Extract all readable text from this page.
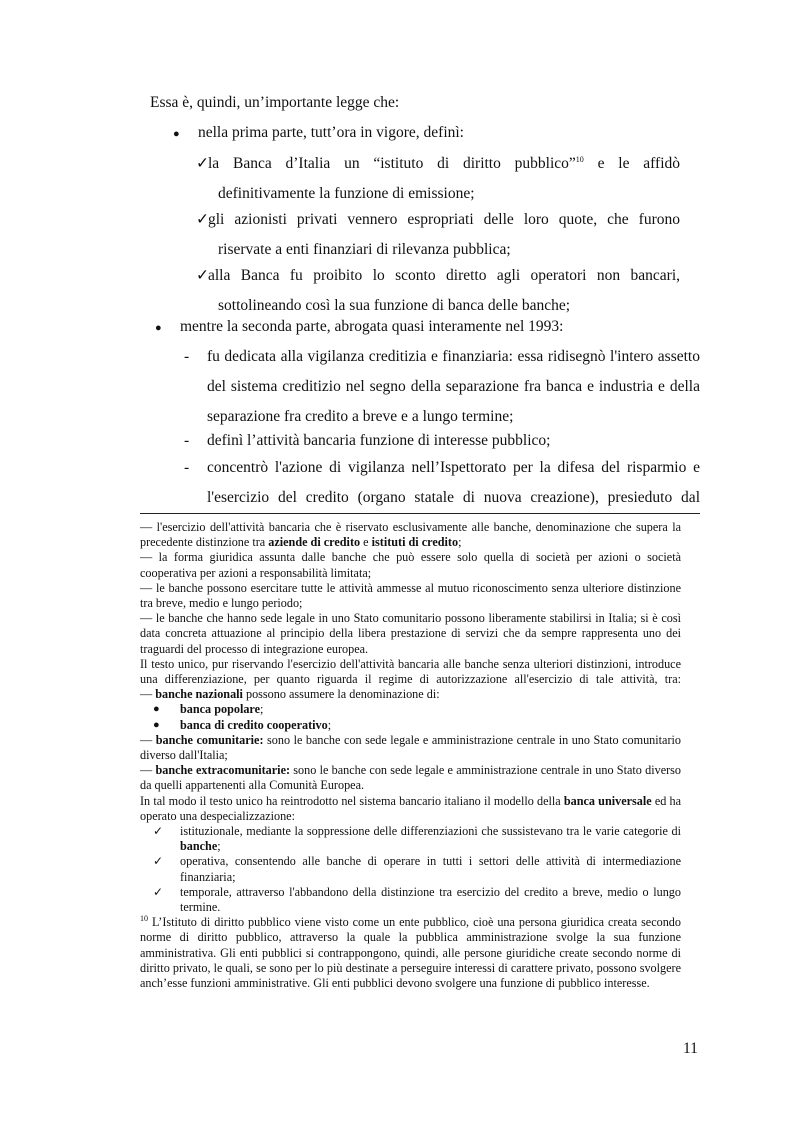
Essa è, quindi, un’importante legge che:
● nella prima parte, tutt’ora in vigore, definì:
✓ la Banca d’Italia un “istituto di diritto pubblico”$^{10}$ e le affidò definitivamente la funzione di emissione;
✓ gli azionisti privati vennero espropriati delle loro quote, che furono riservate a enti finanziari di rilevanza pubblica;
✓ alla Banca fu proibito lo sconto diretto agli operatori non bancari, sottolineando così la sua funzione di banca delle banche;
● mentre la seconda parte, abrogata quasi interamente nel 1993:
-	fu dedicata alla vigilanza creditizia e finanziaria: essa ridisegnò l'intero assetto del sistema creditizio nel segno della separazione fra banca e industria e della separazione fra credito a breve e a lungo termine;
-	definì l’attività bancaria funzione di interesse pubblico;
-	concentrò l'azione di vigilanza nell’Ispettorato per la difesa del risparmio e l'esercizio del credito (organo statale di nuova creazione), presieduto dal

— l'esercizio dell'attività bancaria che è riservato esclusivamente alle banche, denominazione che supera la precedente distinzione tra aziende di credito e istituti di credito;

— la forma giuridica assunta dalle banche che può essere solo quella di società per azioni o società cooperativa per azioni a responsabilità limitata;

— le banche possono esercitare tutte le attività ammesse al mutuo riconoscimento senza ulteriore distinzione tra breve, medio e lungo periodo;

— le banche che hanno sede legale in uno Stato comunitario possono liberamente stabilirsi in Italia; si è così data concreta attuazione al principio della libera prestazione di servizi che da sempre rappresenta uno dei traguardi del processo di integrazione europea.

Il testo unico, pur riservando l'esercizio dell'attività bancaria alle banche senza ulteriori distinzioni, introduce una differenziazione, per quanto riguarda il regime di autorizzazione all'esercizio di tale attività, tra:

— banche nazionali possono assumere la denominazione di:

● banca popolare;

● banca di credito cooperativo;

— banche comunitarie: sono le banche con sede legale e amministrazione centrale in uno Stato comunitario diverso dall'Italia;

— banche extracomunitarie: sono le banche con sede legale e amministrazione centrale in uno Stato diverso da quelli appartenenti alla Comunità Europea.

In tal modo il testo unico ha reintrodotto nel sistema bancario italiano il modello della banca universale ed ha operato una despecializzazione:

✓ istituzionale, mediante la soppressione delle differenziazioni che sussistevano tra le varie categorie di banche;

✓ operativa, consentendo alle banche di operare in tutti i settori delle attività di intermediazione finanziaria;

✓ temporale, attraverso l'abbandono della distinzione tra esercizio del credito a breve, medio o lungo termine.

$^{10}$ L’Istituto di diritto pubblico viene visto come un ente pubblico, cioè una persona giuridica creata secondo norme di diritto pubblico, attraverso la quale la pubblica amministrazione svolge la sua funzione amministrativa. Gli enti pubblici si contrappongono, quindi, alle persone giuridiche create secondo norme di diritto privato, le quali, se sono per lo più destinate a perseguire interessi di carattere privato, possono svolgere anch’esse funzioni amministrative. Gli enti pubblici devono svolgere una funzione di pubblico interesse.

11
